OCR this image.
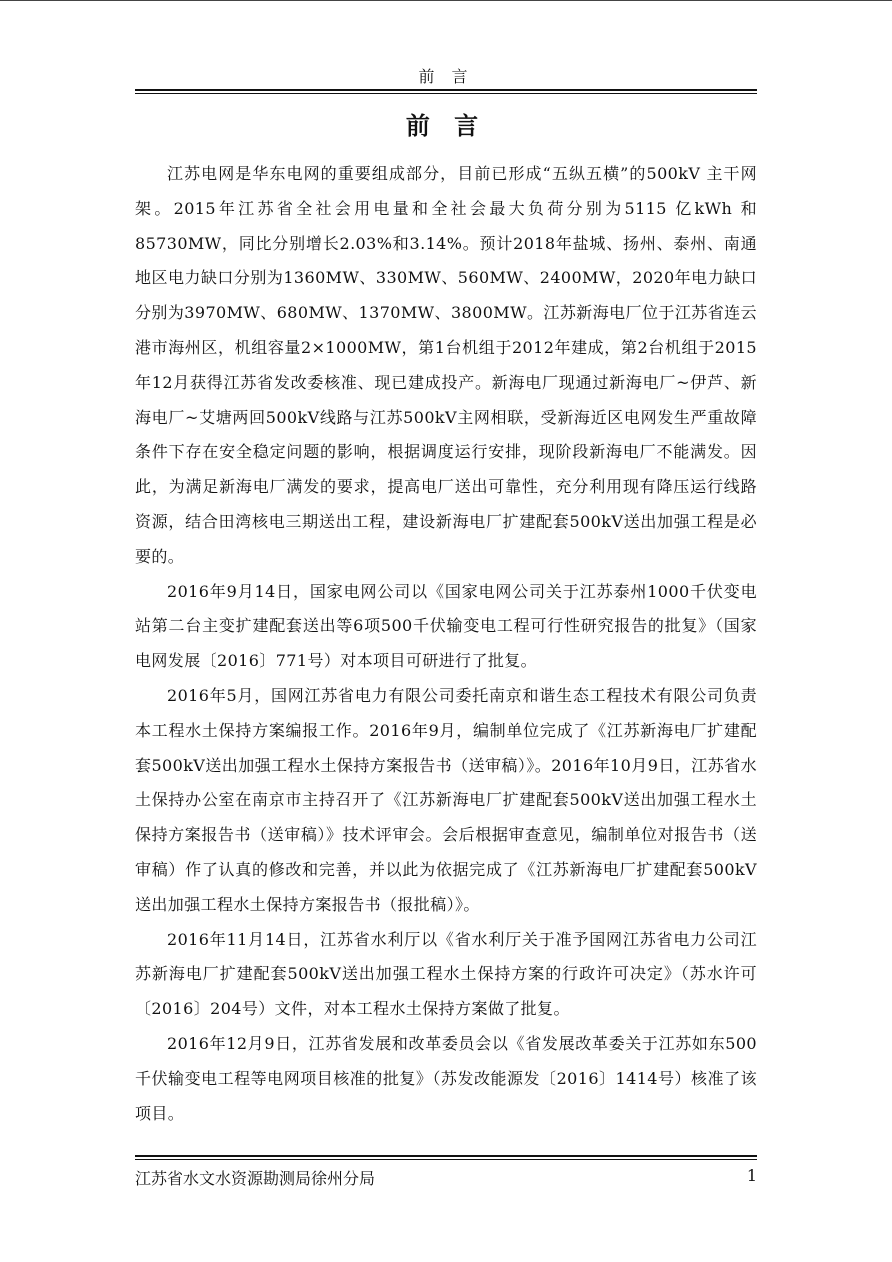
前 言
前 言

江苏电网是华东电网的重要组成部分，目前已形成“五纵五横”的500kV 主干网架。2015年江苏省全社会用电量和全社会最大负荷分别为5115 亿kWh 和85730MW，同比分别增长2.03%和3.14%。预计2018年盐城、扬州、泰州、南通地区电力缺口分别为1360MW、330MW、560MW、2400MW，2020年电力缺口分别为3970MW、680MW、1370MW、3800MW。江苏新海电厂位于江苏省连云港市海州区，机组容量2×1000MW，第1台机组于2012年建成，第2台机组于2015年12月获得江苏省发改委核准、现已建成投产。新海电厂现通过新海电厂~伊芦、新海电厂~艾塘两回500kV线路与江苏500kV主网相联，受新海近区电网发生严重故障条件下存在安全稳定问题的影响，根据调度运行安排，现阶段新海电厂不能满发。因此，为满足新海电厂满发的要求，提高电厂送出可靠性，充分利用现有降压运行线路资源，结合田湾核电三期送出工程，建设新海电厂扩建配套500kV送出加强工程是必要的。

2016年9月14日，国家电网公司以《国家电网公司关于江苏泰州1000千伏变电站第二台主变扩建配套送出等6项500千伏输变电工程可行性研究报告的批复》（国家电网发展〔2016〕771号）对本项目可研进行了批复。

2016年5月，国网江苏省电力有限公司委托南京和谐生态工程技术有限公司负责本工程水土保持方案编报工作。2016年9月，编制单位完成了《江苏新海电厂扩建配套500kV送出加强工程水土保持方案报告书（送审稿）》。2016年10月9日，江苏省水土保持办公室在南京市主持召开了《江苏新海电厂扩建配套500kV送出加强工程水土保持方案报告书（送审稿）》技术评审会。会后根据审查意见，编制单位对报告书（送审稿）作了认真的修改和完善，并以此为依据完成了《江苏新海电厂扩建配套500kV送出加强工程水土保持方案报告书（报批稿）》。

2016年11月14日，江苏省水利厅以《省水利厅关于准予国网江苏省电力公司江苏新海电厂扩建配套500kV送出加强工程水土保持方案的行政许可决定》（苏水许可〔2016〕204号）文件，对本工程水土保持方案做了批复。

2016年12月9日，江苏省发展和改革委员会以《省发展改革委关于江苏如东500千伏输变电工程等电网项目核准的批复》（苏发改能源发〔2016〕1414号）核准了该项目。

江苏省水文水资源勘测局徐州分局	1
